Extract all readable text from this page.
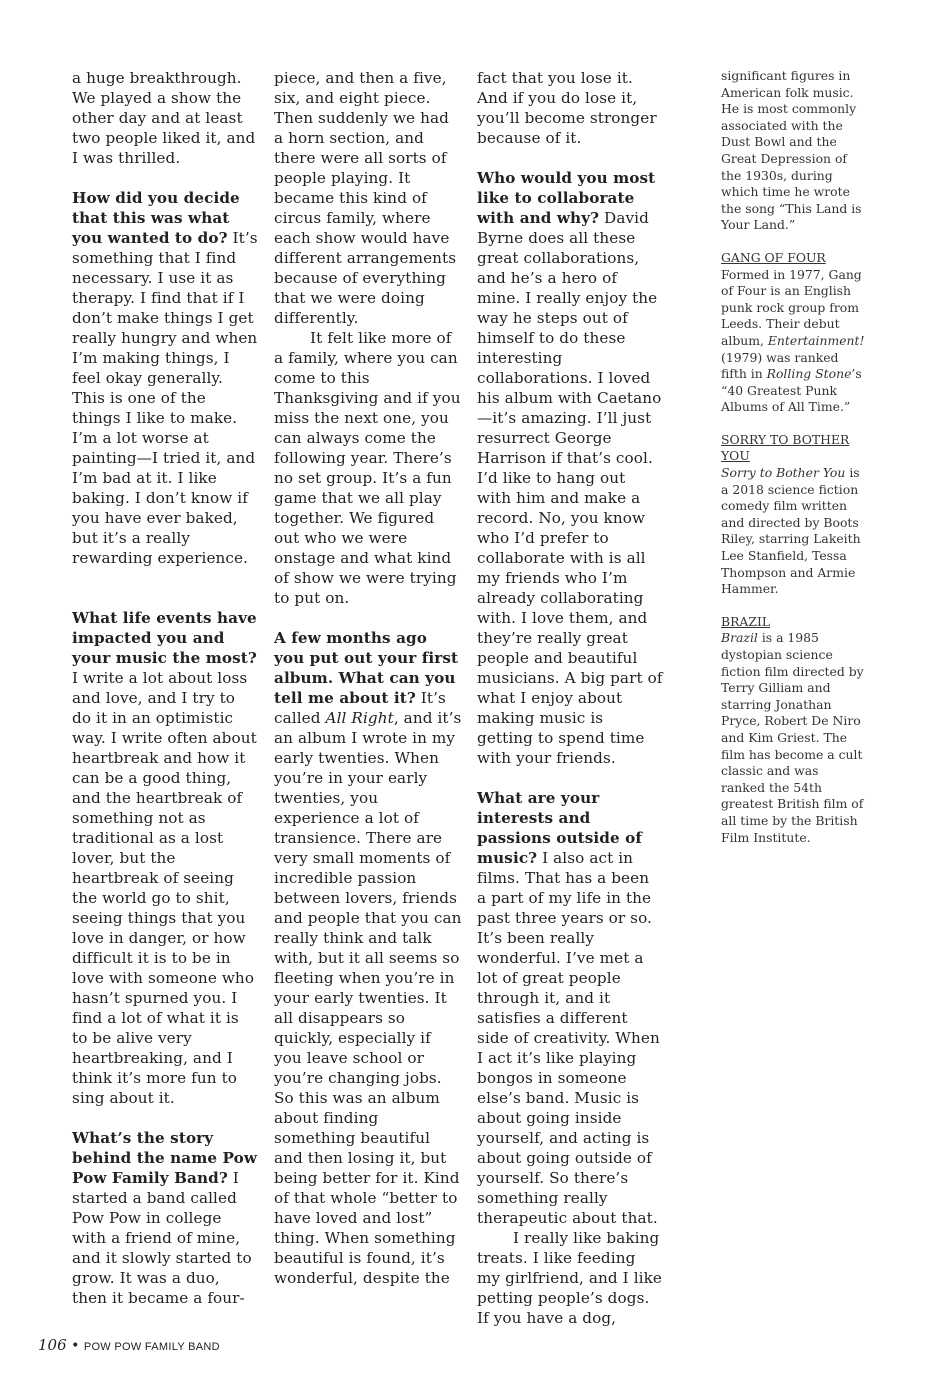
a huge breakthrough. We played a show the other day and at least two people liked it, and I was thrilled.

How did you decide that this was what you wanted to do? It’s something that I find necessary. I use it as therapy. I find that if I don’t make things I get really hungry and when I’m making things, I feel okay generally. This is one of the things I like to make. I’m a lot worse at painting—I tried it, and I’m bad at it. I like baking. I don’t know if you have ever baked, but it’s a really rewarding experience.

What life events have impacted you and your music the most? I write a lot about loss and love, and I try to do it in an optimistic way. I write often about heartbreak and how it can be a good thing, and the heartbreak of something not as traditional as a lost lover, but the heartbreak of seeing the world go to shit, seeing things that you love in danger, or how difficult it is to be in love with someone who hasn’t spurned you. I find a lot of what it is to be alive very heartbreaking, and I think it’s more fun to sing about it.

What’s the story behind the name Pow Pow Family Band? I started a band called Pow Pow in college with a friend of mine, and it slowly started to grow. It was a duo, then it became a four-

piece, and then a five, six, and eight piece. Then suddenly we had a horn section, and there were all sorts of people playing. It became this kind of circus family, where each show would have different arrangements because of everything that we were doing differently.

It felt like more of a family, where you can come to this Thanksgiving and if you miss the next one, you can always come the following year. There’s no set group. It’s a fun game that we all play together. We figured out who we were onstage and what kind of show we were trying to put on.

A few months ago you put out your first album. What can you tell me about it? It’s called All Right, and it’s an album I wrote in my early twenties. When you’re in your early twenties, you experience a lot of transience. There are very small moments of incredible passion between lovers, friends and people that you can really think and talk with, but it all seems so fleeting when you’re in your early twenties. It all disappears so quickly, especially if you leave school or you’re changing jobs. So this was an album about finding something beautiful and then losing it, but being better for it. Kind of that whole “better to have loved and lost” thing. When something beautiful is found, it’s wonderful, despite the

fact that you lose it. And if you do lose it, you’ll become stronger because of it.

Who would you most like to collaborate with and why? David Byrne does all these great collaborations, and he’s a hero of mine. I really enjoy the way he steps out of himself to do these interesting collaborations. I loved his album with Caetano—it’s amazing. I’ll just resurrect George Harrison if that’s cool. I’d like to hang out with him and make a record. No, you know who I’d prefer to collaborate with is all my friends who I’m already collaborating with. I love them, and they’re really great people and beautiful musicians. A big part of what I enjoy about making music is getting to spend time with your friends.

What are your interests and passions outside of music? I also act in films. That has a been a part of my life in the past three years or so. It’s been really wonderful. I’ve met a lot of great people through it, and it satisfies a different side of creativity. When I act it’s like playing bongos in someone else’s band. Music is about going inside yourself, and acting is about going outside of yourself. So there’s something really therapeutic about that.

I really like baking treats. I like feeding my girlfriend, and I like petting people’s dogs. If you have a dog,

significant figures in American folk music. He is most commonly associated with the Dust Bowl and the Great Depression of the 1930s, during which time he wrote the song “This Land is Your Land.”
GANG OF FOUR
Formed in 1977, Gang of Four is an English punk rock group from Leeds. Their debut album, Entertainment! (1979) was ranked fifth in Rolling Stone’s “40 Greatest Punk Albums of All Time.”
SORRY TO BOTHER YOU
Sorry to Bother You is a 2018 science fiction comedy film written and directed by Boots Riley, starring Lakeith Lee Stanfield, Tessa Thompson and Armie Hammer.
BRAZIL
Brazil is a 1985 dystopian science fiction film directed by Terry Gilliam and starring Jonathan Pryce, Robert De Niro and Kim Griest. The film has become a cult classic and was ranked the 54th greatest British film of all time by the British Film Institute.
106 • POW POW FAMILY BAND
